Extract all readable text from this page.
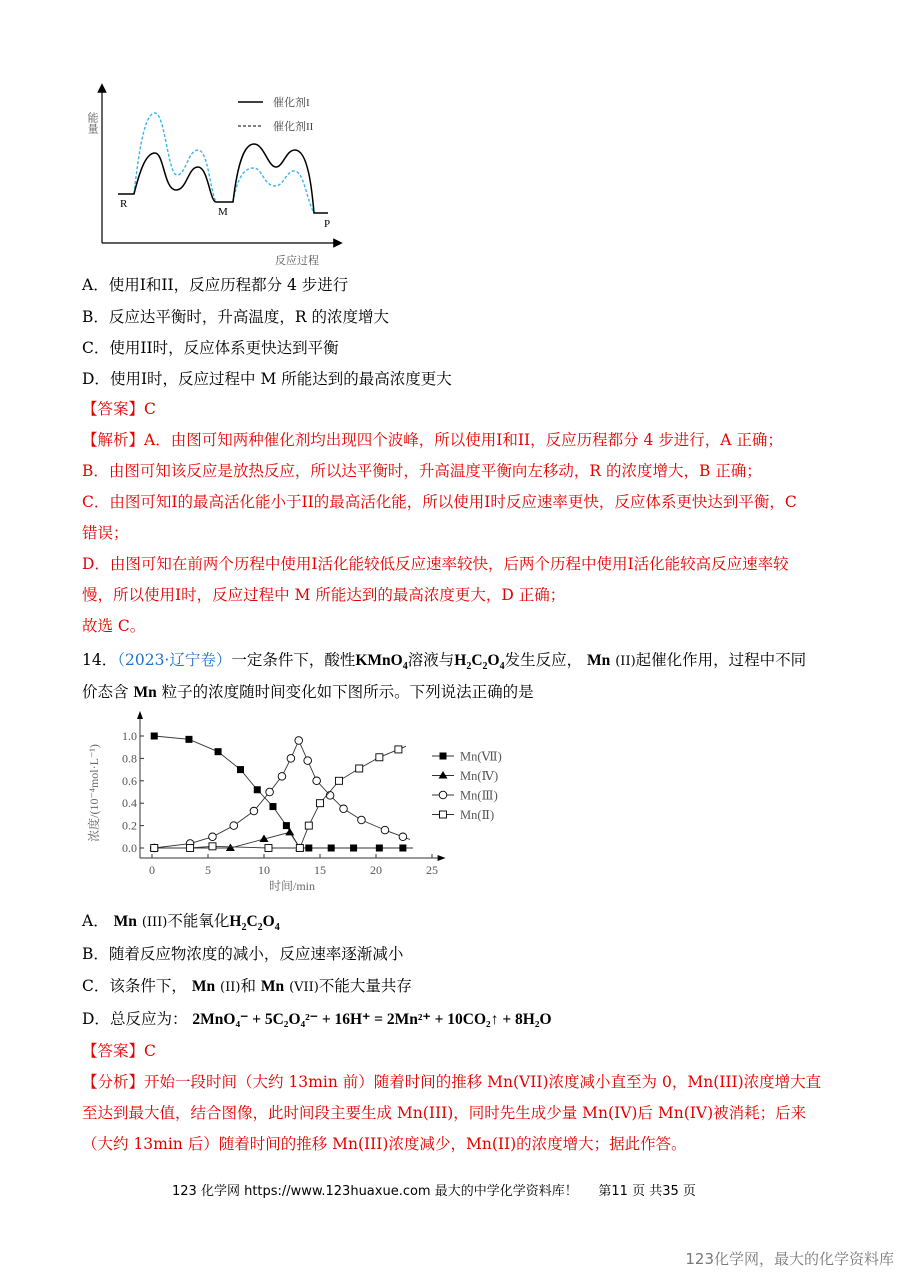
能量
反应过程
R
M
P
催化剂I
催化剂II
A．使用I和II，反应历程都分 4 步进行
B．反应达平衡时，升高温度，R 的浓度增大
C．使用II时，反应体系更快达到平衡
D．使用I时，反应过程中 M 所能达到的最高浓度更大
【答案】C
【解析】A．由图可知两种催化剂均出现四个波峰，所以使用I和II，反应历程都分 4 步进行，A 正确；
B．由图可知该反应是放热反应，所以达平衡时，升高温度平衡向左移动，R 的浓度增大，B 正确；
C．由图可知I的最高活化能小于II的最高活化能，所以使用I时反应速率更快，反应体系更快达到平衡，C
错误；
D．由图可知在前两个历程中使用I活化能较低反应速率较快，后两个历程中使用I活化能较高反应速率较
慢，所以使用I时，反应过程中 M 所能达到的最高浓度更大，D 正确；
故选 C。
14．（2023·辽宁卷）一定条件下，酸性KMnO$_4$溶液与$H_2C_2O_4$发生反应， Mn (II)起催化作用，过程中不同
价态含 Mn 粒子的浓度随时间变化如下图所示。下列说法正确的是
0	5	10	15	20	25
0.0
0.2
0.4
0.6
0.8
1.0
时间/min
浓度/(10⁻⁴mol·L⁻¹)	Mn(Ⅶ)
Mn(Ⅳ)
Mn(Ⅲ)
Mn(Ⅱ)
A． Mn (III)不能氧化$H_2C_2O_4$
B．随着反应物浓度的减小，反应速率逐渐减小
C．该条件下， Mn (II)和 Mn (VII)不能大量共存
D．总反应为： 2MnO₄⁻ + 5C₂O₄²⁻ + 16H⁺ = 2Mn²⁺ + 10CO₂↑ + 8H₂O
【答案】C
【分析】开始一段时间（大约 13min 前）随着时间的推移 Mn(VII)浓度减小直至为 0，Mn(III)浓度增大直
至达到最大值，结合图像，此时间段主要生成 Mn(III)，同时先生成少量 Mn(IV)后 Mn(IV)被消耗；后来
（大约 13min 后）随着时间的推移 Mn(III)浓度减少，Mn(II)的浓度增大；据此作答。
123 化学网 https://www.123huaxue.com 最大的中学化学资料库！ 第11 页 共35 页
123化学网，最大的化学资料库
